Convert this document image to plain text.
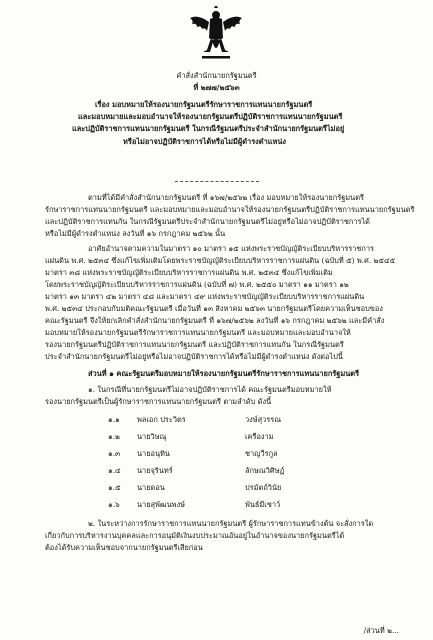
คำสั่งสำนักนายกรัฐมนตรี
ที่ ๒๗๗/๒๕๖๓
เรื่อง มอบหมายให้รองนายกรัฐมนตรีรักษาราชการแทนนายกรัฐมนตรี
และมอบหมายและมอบอำนาจให้รองนายกรัฐมนตรีปฏิบัติราชการแทนนายกรัฐมนตรี
และปฏิบัติราชการแทนนายกรัฐมนตรี ในกรณีรัฐมนตรีประจำสำนักนายกรัฐมนตรีไม่อยู่
หรือไม่อาจปฏิบัติราชการได้หรือไม่มีผู้ดำรงตำแหน่ง
ตามที่ได้มีคำสั่งสำนักนายกรัฐมนตรี ที่ ๑๖๗/๒๕๖๒ เรื่อง มอบหมายให้รองนายกรัฐมนตรี
รักษาราชการแทนนายกรัฐมนตรี และมอบหมายและมอบอำนาจให้รองนายกรัฐมนตรีปฏิบัติราชการแทนนายกรัฐมนตรี
และปฏิบัติราชการแทนกัน ในกรณีรัฐมนตรีประจำสำนักนายกรัฐมนตรีไม่อยู่หรือไม่อาจปฏิบัติราชการได้
หรือไม่มีผู้ดำรงตำแหน่ง ลงวันที่ ๑๖ กรกฎาคม ๒๕๖๒ นั้น
อาศัยอำนาจตามความในมาตรา ๑๐ มาตรา ๑๕ แห่งพระราชบัญญัติระเบียบบริหารราชการ
แผ่นดิน พ.ศ. ๒๕๓๔ ซึ่งแก้ไขเพิ่มเติมโดยพระราชบัญญัติระเบียบบริหารราชการแผ่นดิน (ฉบับที่ ๕) พ.ศ. ๒๕๔๕
มาตรา ๓๘ แห่งพระราชบัญญัติระเบียบบริหารราชการแผ่นดิน พ.ศ. ๒๕๓๔ ซึ่งแก้ไขเพิ่มเติม
โดยพระราชบัญญัติระเบียบบริหารราชการแผ่นดิน (ฉบับที่ ๗) พ.ศ. ๒๕๕๐ มาตรา ๑๑ มาตรา ๑๒
มาตรา ๑๓ มาตรา ๔๒ มาตรา ๔๘ และมาตรา ๔๙ แห่งพระราชบัญญัติระเบียบบริหารราชการแผ่นดิน
พ.ศ. ๒๕๓๔ ประกอบกับมติคณะรัฐมนตรี เมื่อวันที่ ๑๓ สิงหาคม ๒๕๖๓ นายกรัฐมนตรีโดยความเห็นชอบของ
คณะรัฐมนตรี จึงให้ยกเลิกคำสั่งสำนักนายกรัฐมนตรี ที่ ๑๖๗/๒๕๖๒ ลงวันที่ ๑๖ กรกฎาคม ๒๕๖๒ และมีคำสั่ง
มอบหมายให้รองนายกรัฐมนตรีรักษาราชการแทนนายกรัฐมนตรี และมอบหมายและมอบอำนาจให้
รองนายกรัฐมนตรีปฏิบัติราชการแทนนายกรัฐมนตรี และปฏิบัติราชการแทนกัน ในกรณีรัฐมนตรี
ประจำสำนักนายกรัฐมนตรีไม่อยู่หรือไม่อาจปฏิบัติราชการได้หรือไม่มีผู้ดำรงตำแหน่ง ดังต่อไปนี้
ส่วนที่ ๑ คณะรัฐมนตรีมอบหมายให้รองนายกรัฐมนตรีรักษาราชการแทนนายกรัฐมนตรี
๑. ในกรณีที่นายกรัฐมนตรีไม่อาจปฏิบัติราชการได้ คณะรัฐมนตรีมอบหมายให้
รองนายกรัฐมนตรีเป็นผู้รักษาราชการแทนนายกรัฐมนตรี ตามลำดับ ดังนี้
๑.๑ พลเอก ประวิตร	วงษ์สุวรรณ
๑.๒ นายวิษณุ	เครืองาม
๑.๓ นายอนุทิน	ชาญวีรกูล
๑.๔ นายจุรินทร์	ลักษณวิศิษฏ์
๑.๕ นายดอน	ปรมัตถ์วินัย
๑.๖ นายสุพัฒนพงษ์	พันธ์มีเชาว์
๒. ในระหว่างการรักษาราชการแทนนายกรัฐมนตรี ผู้รักษาราชการแทนข้างต้น จะสั่งการใด
เกี่ยวกับการบริหารงานบุคคลและการอนุมัติเงินงบประมาณอันอยู่ในอำนาจของนายกรัฐมนตรีได้
ต้องได้รับความเห็นชอบจากนายกรัฐมนตรีเสียก่อน
/ส่วนที่ ๒...
